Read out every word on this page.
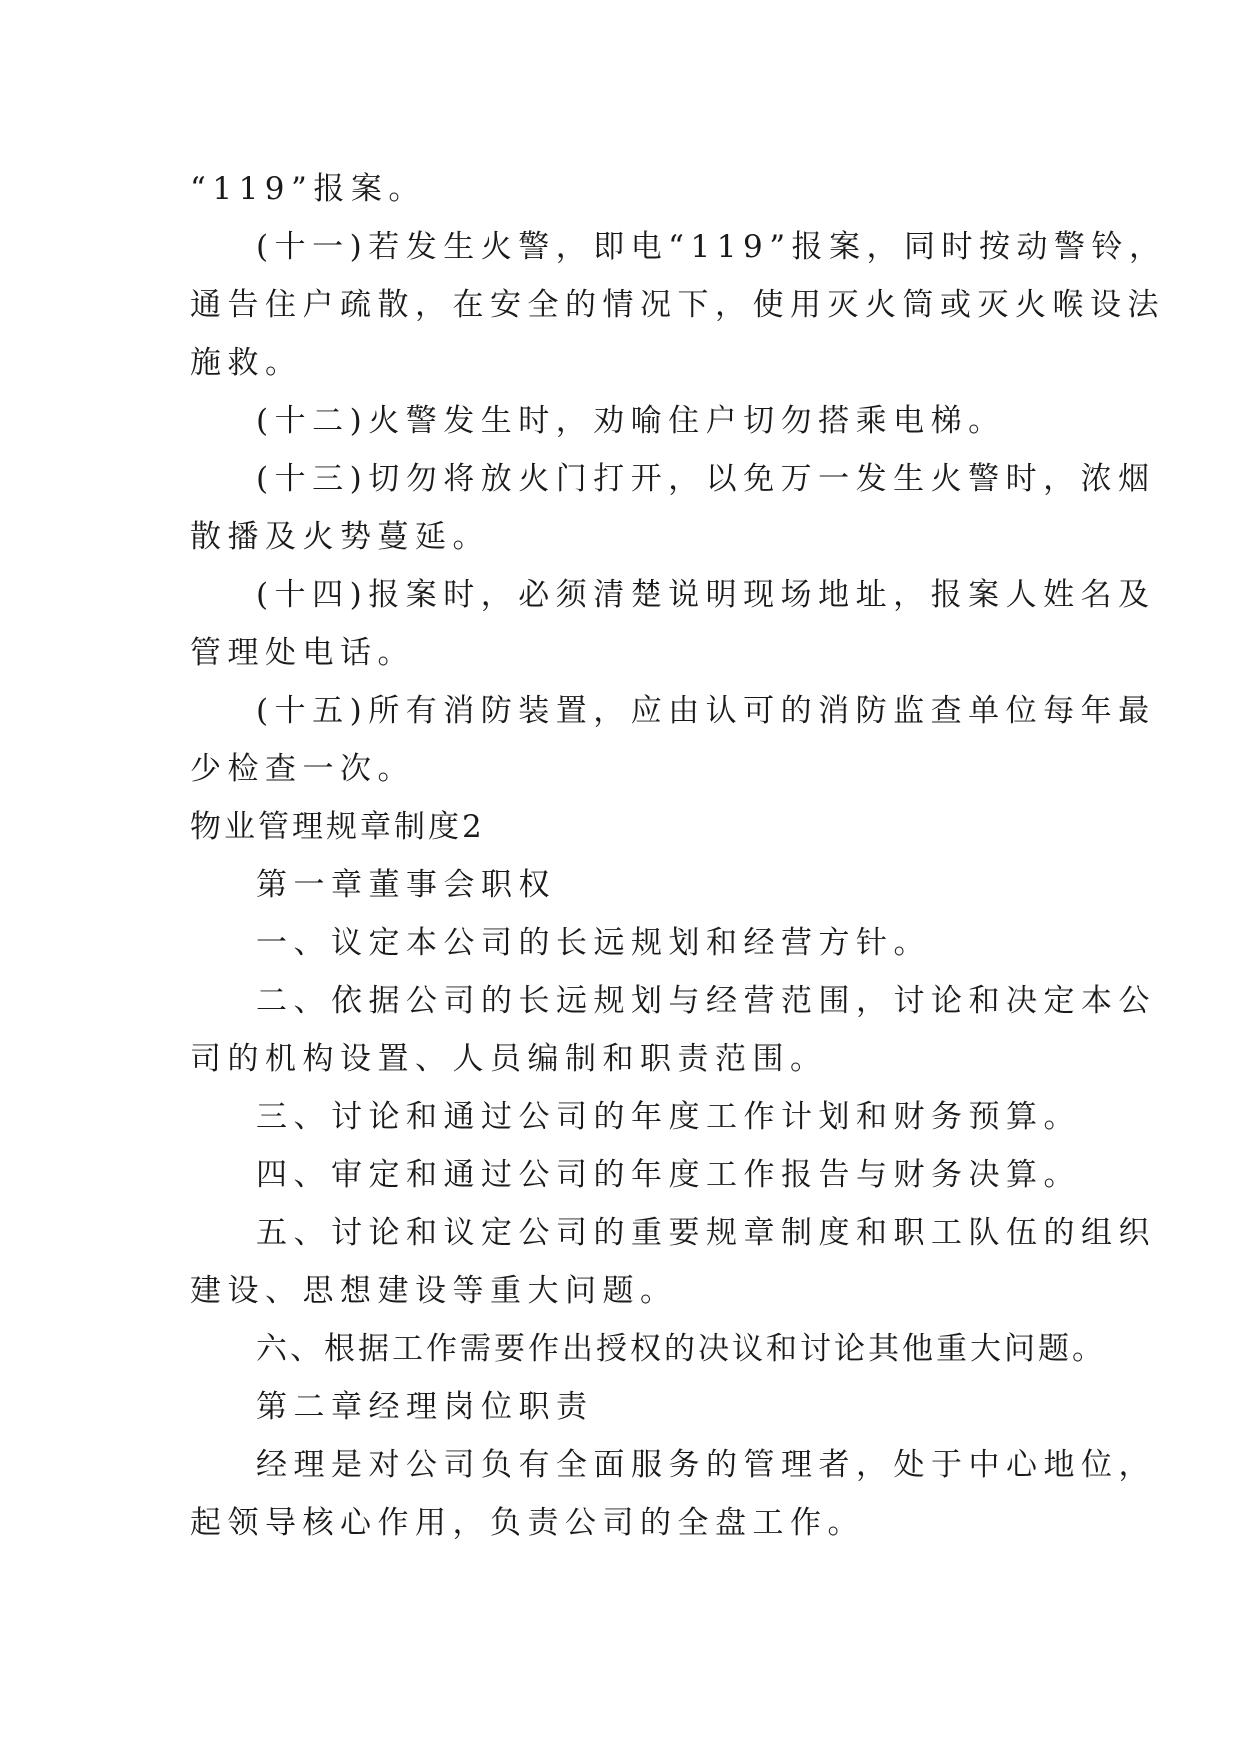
“119”报案。
(十一)若发生火警，即电“119”报案，同时按动警铃，
通告住户疏散，在安全的情况下，使用灭火筒或灭火喉设法
施救。
(十二)火警发生时，劝喻住户切勿搭乘电梯。
(十三)切勿将放火门打开，以免万一发生火警时，浓烟
散播及火势蔓延。
(十四)报案时，必须清楚说明现场地址，报案人姓名及
管理处电话。
(十五)所有消防装置，应由认可的消防监查单位每年最
少检查一次。
物业管理规章制度2
第一章董事会职权
一、议定本公司的长远规划和经营方针。
二、依据公司的长远规划与经营范围，讨论和决定本公
司的机构设置、人员编制和职责范围。
三、讨论和通过公司的年度工作计划和财务预算。
四、审定和通过公司的年度工作报告与财务决算。
五、讨论和议定公司的重要规章制度和职工队伍的组织
建设、思想建设等重大问题。
六、根据工作需要作出授权的决议和讨论其他重大问题。
第二章经理岗位职责
经理是对公司负有全面服务的管理者，处于中心地位，
起领导核心作用，负责公司的全盘工作。
